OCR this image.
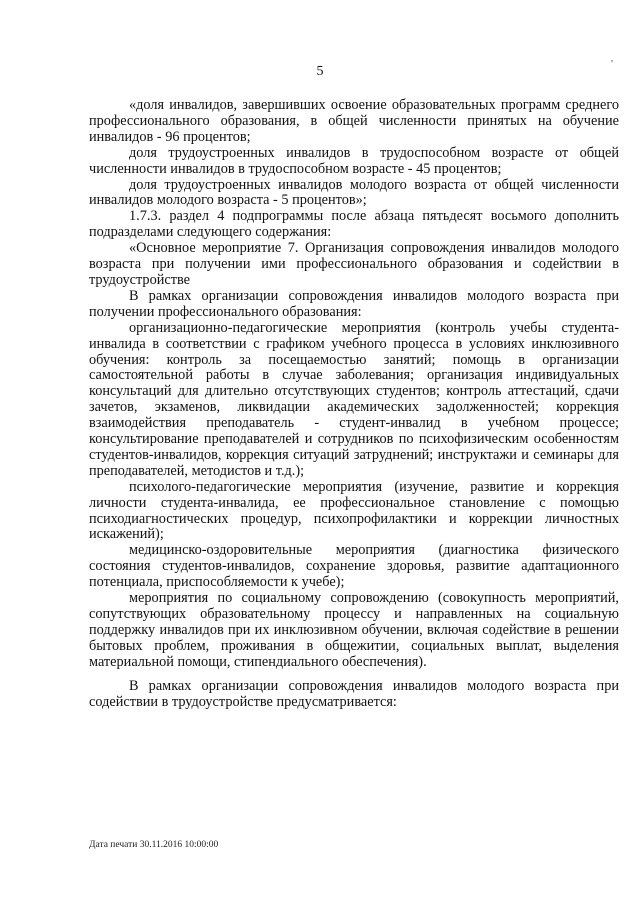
5	'

«доля инвалидов, завершивших освоение образовательных программ среднего профессионального образования, в общей численности принятых на обучение инвалидов - 96 процентов;

доля трудоустроенных инвалидов в трудоспособном возрасте от общей численности инвалидов в трудоспособном возрасте - 45 процентов;

доля трудоустроенных инвалидов молодого возраста от общей численности инвалидов молодого возраста - 5 процентов»;

1.7.3. раздел 4 подпрограммы после абзаца пятьдесят восьмого дополнить подразделами следующего содержания:

«Основное мероприятие 7. Организация сопровождения инвалидов молодого возраста при получении ими профессионального образования и содействии в трудоустройстве

В рамках организации сопровождения инвалидов молодого возраста при получении профессионального образования:

организационно-педагогические мероприятия (контроль учебы студента-инвалида в соответствии с графиком учебного процесса в условиях инклюзивного обучения: контроль за посещаемостью занятий; помощь в организации самостоятельной работы в случае заболевания; организация индивидуальных консультаций для длительно отсутствующих студентов; контроль аттестаций, сдачи зачетов, экзаменов, ликвидации академических задолженностей; коррекция взаимодействия преподаватель - студент-инвалид в учебном процессе; консультирование преподавателей и сотрудников по психофизическим особенностям студентов-инвалидов, коррекция ситуаций затруднений; инструктажи и семинары для преподавателей, методистов и т.д.);

психолого-педагогические мероприятия (изучение, развитие и коррекция личности студента-инвалида, ее профессиональное становление с помощью психодиагностических процедур, психопрофилактики и коррекции личностных искажений);

медицинско-оздоровительные мероприятия (диагностика физического состояния студентов-инвалидов, сохранение здоровья, развитие адаптационного потенциала, приспособляемости к учебе);

мероприятия по социальному сопровождению (совокупность мероприятий, сопутствующих образовательному процессу и направленных на социальную поддержку инвалидов при их инклюзивном обучении, включая содействие в решении бытовых проблем, проживания в общежитии, социальных выплат, выделения материальной помощи, стипендиального обеспечения).

В рамках организации сопровождения инвалидов молодого возраста при содействии в трудоустройстве предусматривается:

Дата печати 30.11.2016 10:00:00
